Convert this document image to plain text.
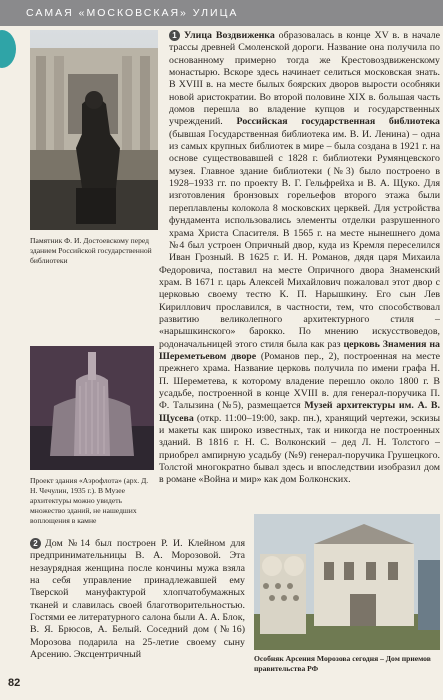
САМАЯ «МОСКОВСКАЯ» УЛИЦА
Памятник Ф. И. Достоевскому перед зданием Российской государственной библиотеки
Проект здания «Аэрофлота» (арх. Д. Н. Чечулин, 1935 г.). В Музее архитектуры можно увидеть множество зданий, не нашедших воплощения в камне
Особняк Арсения Морозова сегодня – Дом приемов правительства РФ
1 Улица Воздвиженка образовалась в конце XV в. в начале трассы древней Смоленской дороги. Название она получила по основанному примерно тогда же Крестовоздвиженскому монастырю. Вскоре здесь начинает селиться московская знать. В XVIII в. на месте былых боярских дворов вырости особняки новой аристократии. Во второй половине XIX в. большая часть домов перешла во владение купцов и государственных учреждений. Российская государственная библиотека (бывшая Государственная библиотека им. В. И. Ленина) – одна из самых крупных библиотек в мире – была создана в 1921 г. на основе существовавшей с 1828 г. библиотеки Румянцевского музея. Главное здание библиотеки (№3) было построено в 1928–1933 гг. по проекту В. Г. Гельфрейха и В. А. Щуко. Для изготовления бронзовых горельефов второго этажа были переплавлены колокола 8 московских церквей. Для устройства фундамента использовались элементы отделки разрушенного храма Христа Спасителя. В 1565 г. на месте нынешнего дома №4 был устроен Опричный двор, куда из Кремля переселился Иван Грозный. В 1625 г. И. Н. Романов, дядя царя Михаила Федоровича, поставил на месте Опричного двора Знаменский храм. В 1671 г. царь Алексей Михайлович пожаловал этот двор с церковью своему тестю К. П. Нарышкину. Его сын Лев Кириллович прославился, в частности, тем, что способствовал развитию великолепного архитектурного стиля – «нарышкинского» барокко. По мнению искусствоведов, родоначальницей этого стиля была как раз церковь Знамения на Шереметьевом дворе (Романов пер., 2), построенная на месте прежнего храма. Название церковь получила по имени графа Н. П. Шереметева, к которому владение перешло около 1800 г. В усадьбе, построенной в конце XVIII в. для генерал-поручика П. Ф. Талызина (№5), размещается Музей архитектуры им. А. В. Щусева (откр. 11:00–19:00, закр. пн.), хранящий чертежи, эскизы и макеты как широко известных, так и никогда не построенных зданий. В 1816 г. Н. С. Волконский – дед Л. Н. Толстого – приобрел ампирную усадьбу (№9) генерал-поручика Грушецкого. Толстой многократно бывал здесь и впоследствии изобразил дом в романе «Война и мир» как дом Болконских.
2 Дом №14 был построен Р. И. Клейном для предпринимательницы В. А. Морозовой. Эта незаурядная женщина после кончины мужа взяла на себя управление принадлежавшей ему Тверской мануфактурой хлопчатобумажных тканей и славилась своей благотворительностью. Гостями ее литературного салона были А. А. Блок, В. Я. Брюсов, А. Белый. Соседний дом (№16) Морозова подарила на 25-летие своему сыну Арсению. Эксцентричный
82
